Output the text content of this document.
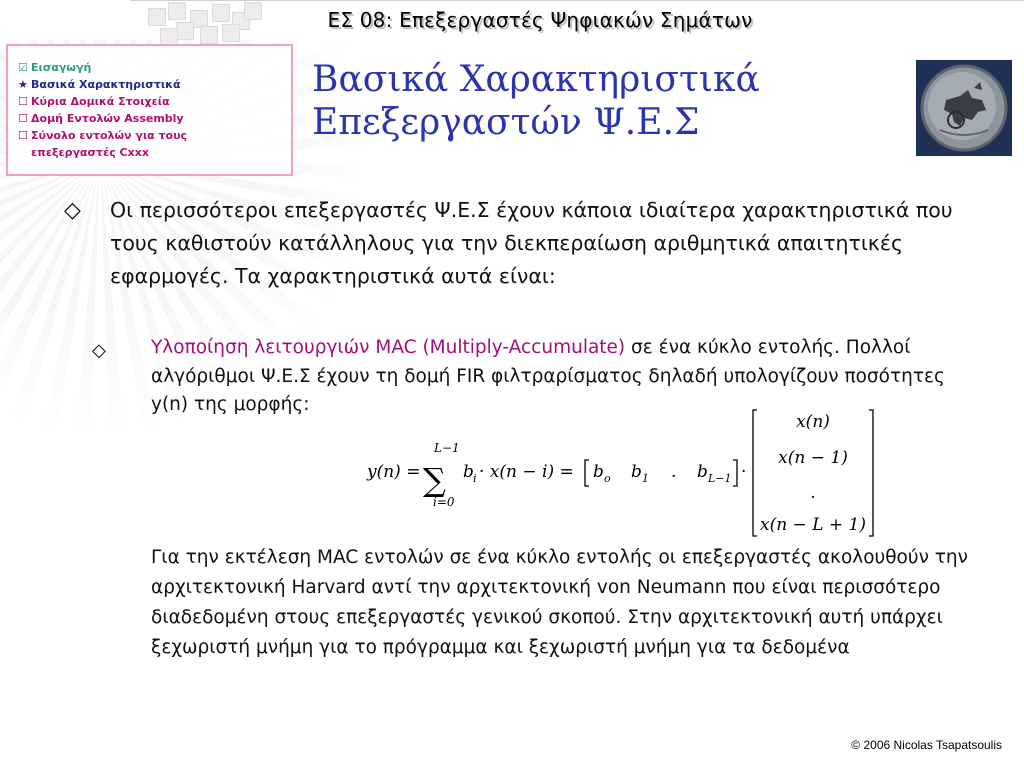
ΕΣ 08: Επεξεργαστές Ψηφιακών Σημάτων
☑ Εισαγωγή
★ Βασικά Χαρακτηριστικά
☐ Κύρια Δομικά Στοιχεία
☐ Δομή Εντολών Assembly
☐ Σύνολο εντολών για τους επεξεργαστές Cxxx
Βασικά Χαρακτηριστικά
Επεξεργαστών Ψ.Ε.Σ
◇ Οι περισσότεροι επεξεργαστές Ψ.Ε.Σ έχουν κάποια ιδιαίτερα χαρακτηριστικά που τους καθιστούν κατάλληλους για την διεκπεραίωση αριθμητικά απαιτητικές εφαρμογές. Τα χαρακτηριστικά αυτά είναι:
◇ Υλοποίηση λειτουργιών MAC (Multiply-Accumulate) σε ένα κύκλο εντολής. Πολλοί αλγόριθμοι Ψ.Ε.Σ έχουν τη δομή FIR φιλτραρίσματος δηλαδή υπολογίζουν ποσότητες y(n) της μορφής:
y(n) =
L−1
∑
i=0
b i · x(n − i) = b o b 1 . b L−1 ·
x(n)
x(n − 1)
.
x(n − L + 1)
Για την εκτέλεση MAC εντολών σε ένα κύκλο εντολής οι επεξεργαστές ακολουθούν την αρχιτεκτονική Harvard αντί την αρχιτεκτονική von Neumann που είναι περισσότερο διαδεδομένη στους επεξεργαστές γενικού σκοπού. Στην αρχιτεκτονική αυτή υπάρχει ξεχωριστή μνήμη για το πρόγραμμα και ξεχωριστή μνήμη για τα δεδομένα
© 2006 Nicolas Tsapatsoulis
